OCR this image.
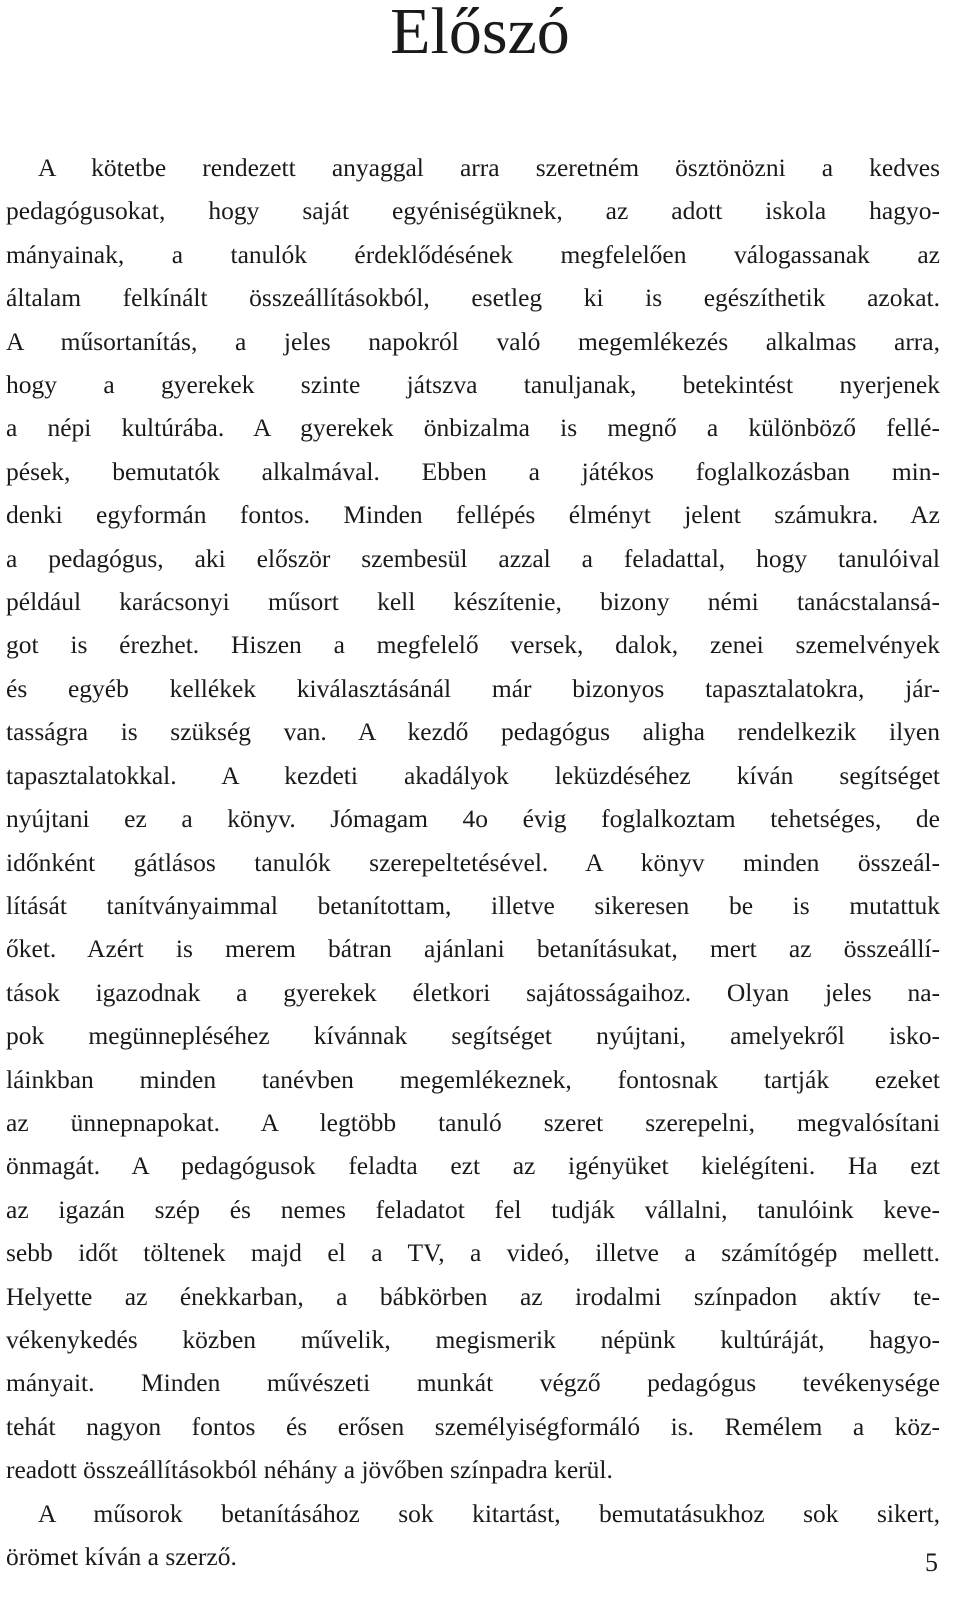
Előszó

A kötetbe rendezett anyaggal arra szeretném ösztönözni a kedves
pedagógusokat, hogy saját egyéniségüknek, az adott iskola hagyo-
mányainak, a tanulók érdeklődésének megfelelően válogassanak az
általam felkínált összeállításokból, esetleg ki is egészíthetik azokat.
A műsortanítás, a jeles napokról való megemlékezés alkalmas arra,
hogy a gyerekek szinte játszva tanuljanak, betekintést nyerjenek
a népi kultúrába. A gyerekek önbizalma is megnő a különböző fellé-
pések, bemutatók alkalmával. Ebben a játékos foglalkozásban min-
denki egyformán fontos. Minden fellépés élményt jelent számukra. Az
a pedagógus, aki először szembesül azzal a feladattal, hogy tanulóival
például karácsonyi műsort kell készítenie, bizony némi tanácstalansá-
got is érezhet. Hiszen a megfelelő versek, dalok, zenei szemelvények
és egyéb kellékek kiválasztásánál már bizonyos tapasztalatokra, jár-
tasságra is szükség van. A kezdő pedagógus aligha rendelkezik ilyen
tapasztalatokkal. A kezdeti akadályok leküzdéséhez kíván segítséget
nyújtani ez a könyv. Jómagam 4o évig foglalkoztam tehetséges, de
időnként gátlásos tanulók szerepeltetésével. A könyv minden összeál-
lítását tanítványaimmal betanítottam, illetve sikeresen be is mutattuk
őket. Azért is merem bátran ajánlani betanításukat, mert az összeállí-
tások igazodnak a gyerekek életkori sajátosságaihoz. Olyan jeles na-
pok megünnepléséhez kívánnak segítséget nyújtani, amelyekről isko-
láinkban minden tanévben megemlékeznek, fontosnak tartják ezeket
az ünnepnapokat. A legtöbb tanuló szeret szerepelni, megvalósítani
önmagát. A pedagógusok feladta ezt az igényüket kielégíteni. Ha ezt
az igazán szép és nemes feladatot fel tudják vállalni, tanulóink keve-
sebb időt töltenek majd el a TV, a videó, illetve a számítógép mellett.
Helyette az énekkarban, a bábkörben az irodalmi színpadon aktív te-
vékenykedés közben művelik, megismerik népünk kultúráját, hagyo-
mányait. Minden művészeti munkát végző pedagógus tevékenysége
tehát nagyon fontos és erősen személyiségformáló is. Remélem a köz-
readott összeállításokból néhány a jövőben színpadra kerül.

A műsorok betanításához sok kitartást, bemutatásukhoz sok sikert,
örömet kíván a szerző.	5
